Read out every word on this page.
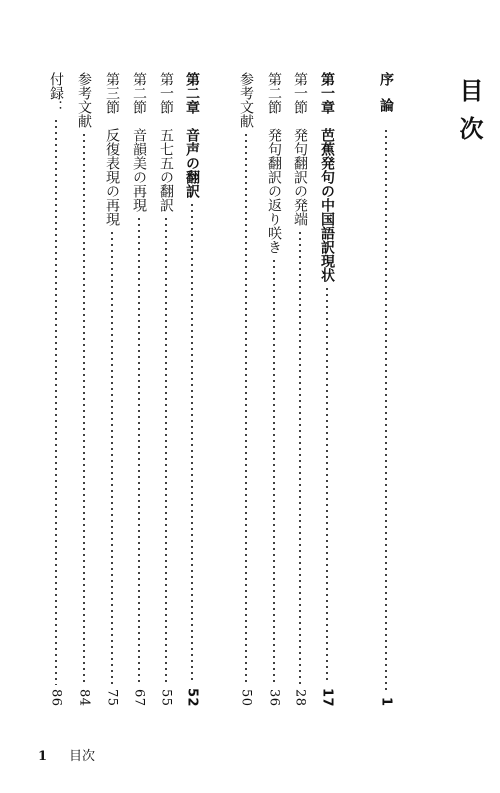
目次
序論
1
第一章　芭蕉発句の中国語訳現状
17
第一節　発句翻訳の発端
28
第二節　発句翻訳の返り咲き
36
参考文献
50
第二章　音声の翻訳
52
第一節　五七五の翻訳
55
第二節　音韻美の再現
67
第三節　反復表現の再現
75
参考文献
84
付録：
86
1 目次
